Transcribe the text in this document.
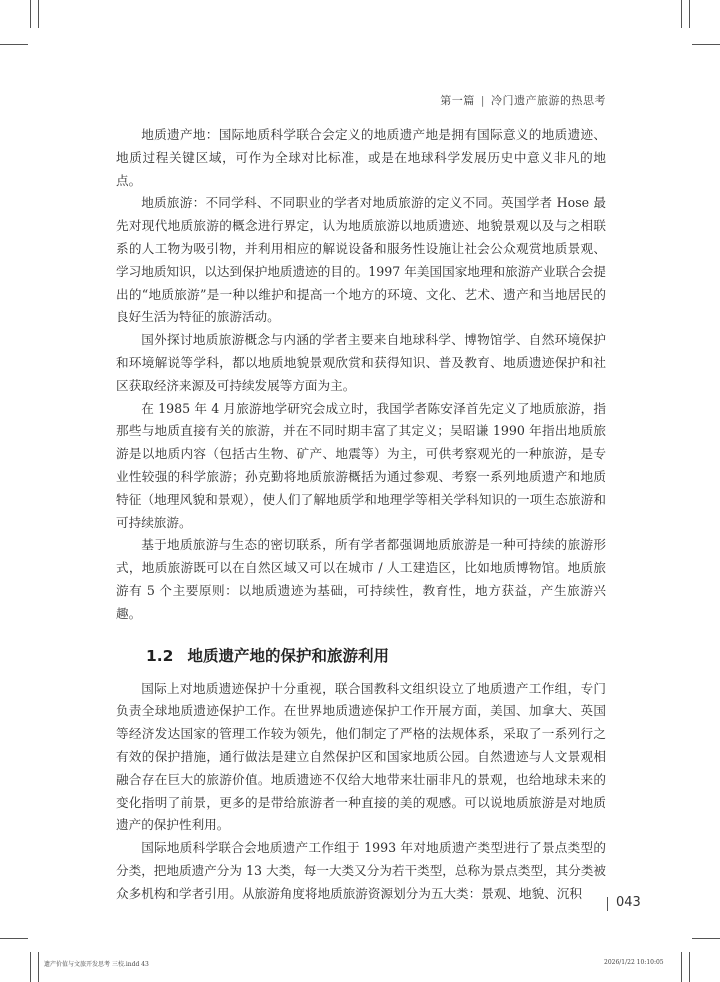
第一篇 | 冷门遗产旅游的热思考

地质遗产地：国际地质科学联合会定义的地质遗产地是拥有国际意义的地质遗迹、地质过程关键区域，可作为全球对比标准，或是在地球科学发展历史中意义非凡的地点。

地质旅游：不同学科、不同职业的学者对地质旅游的定义不同。英国学者 Hose 最先对现代地质旅游的概念进行界定，认为地质旅游以地质遗迹、地貌景观以及与之相联系的人工物为吸引物，并利用相应的解说设备和服务性设施让社会公众观赏地质景观、学习地质知识，以达到保护地质遗迹的目的。1997 年美国国家地理和旅游产业联合会提出的“地质旅游”是一种以维护和提高一个地方的环境、文化、艺术、遗产和当地居民的良好生活为特征的旅游活动。

国外探讨地质旅游概念与内涵的学者主要来自地球科学、博物馆学、自然环境保护和环境解说等学科，都以地质地貌景观欣赏和获得知识、普及教育、地质遗迹保护和社区获取经济来源及可持续发展等方面为主。

在 1985 年 4 月旅游地学研究会成立时，我国学者陈安泽首先定义了地质旅游，指那些与地质直接有关的旅游，并在不同时期丰富了其定义；吴昭谦 1990 年指出地质旅游是以地质内容（包括古生物、矿产、地震等）为主，可供考察观光的一种旅游，是专业性较强的科学旅游；孙克勤将地质旅游概括为通过参观、考察一系列地质遗产和地质特征（地理风貌和景观），使人们了解地质学和地理学等相关学科知识的一项生态旅游和可持续旅游。

基于地质旅游与生态的密切联系，所有学者都强调地质旅游是一种可持续的旅游形式，地质旅游既可以在自然区域又可以在城市 / 人工建造区，比如地质博物馆。地质旅游有 5 个主要原则：以地质遗迹为基础，可持续性，教育性，地方获益，产生旅游兴趣。

1.2 地质遗产地的保护和旅游利用

国际上对地质遗迹保护十分重视，联合国教科文组织设立了地质遗产工作组，专门负责全球地质遗迹保护工作。在世界地质遗迹保护工作开展方面，美国、加拿大、英国等经济发达国家的管理工作较为领先，他们制定了严格的法规体系，采取了一系列行之有效的保护措施，通行做法是建立自然保护区和国家地质公园。自然遗迹与人文景观相融合存在巨大的旅游价值。地质遗迹不仅给大地带来壮丽非凡的景观，也给地球未来的变化指明了前景，更多的是带给旅游者一种直接的美的观感。可以说地质旅游是对地质遗产的保护性利用。

国际地质科学联合会地质遗产工作组于 1993 年对地质遗产类型进行了景点类型的分类，把地质遗产分为 13 大类，每一大类又分为若干类型，总称为景点类型，其分类被众多机构和学者引用。从旅游角度将地质旅游资源划分为五大类：景观、地貌、沉积

043
遗产价值与文旅开发思考 三校.indd 43	2026/1/22 10:10:05
